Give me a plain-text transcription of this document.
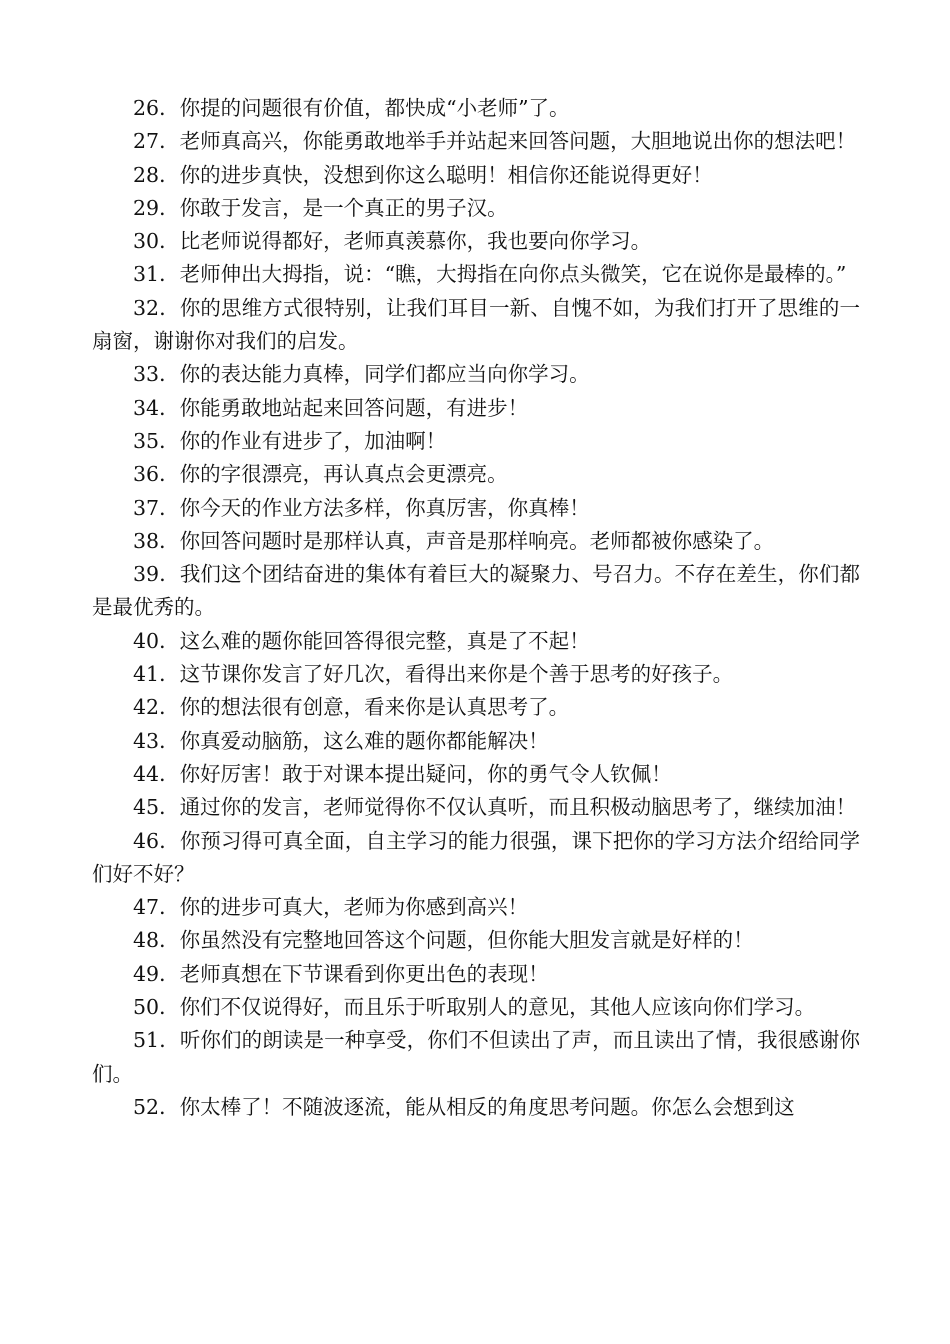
26．你提的问题很有价值，都快成“小老师”了。

27．老师真高兴，你能勇敢地举手并站起来回答问题，大胆地说出你的想法吧！

28．你的进步真快，没想到你这么聪明！相信你还能说得更好！

29．你敢于发言，是一个真正的男子汉。

30．比老师说得都好，老师真羡慕你，我也要向你学习。

31．老师伸出大拇指，说：“瞧，大拇指在向你点头微笑，它在说你是最棒的。”

32．你的思维方式很特别，让我们耳目一新、自愧不如，为我们打开了思维的一扇窗，谢谢你对我们的启发。

33．你的表达能力真棒，同学们都应当向你学习。

34．你能勇敢地站起来回答问题，有进步！

35．你的作业有进步了，加油啊！

36．你的字很漂亮，再认真点会更漂亮。

37．你今天的作业方法多样，你真厉害，你真棒！

38．你回答问题时是那样认真，声音是那样响亮。老师都被你感染了。

39．我们这个团结奋进的集体有着巨大的凝聚力、号召力。不存在差生，你们都是最优秀的。

40．这么难的题你能回答得很完整，真是了不起！

41．这节课你发言了好几次，看得出来你是个善于思考的好孩子。

42．你的想法很有创意，看来你是认真思考了。

43．你真爱动脑筋，这么难的题你都能解决！

44．你好厉害！敢于对课本提出疑问，你的勇气令人钦佩！

45．通过你的发言，老师觉得你不仅认真听，而且积极动脑思考了，继续加油！

46．你预习得可真全面，自主学习的能力很强，课下把你的学习方法介绍给同学们好不好？

47．你的进步可真大，老师为你感到高兴！

48．你虽然没有完整地回答这个问题，但你能大胆发言就是好样的！

49．老师真想在下节课看到你更出色的表现！

50．你们不仅说得好，而且乐于听取别人的意见，其他人应该向你们学习。

51．听你们的朗读是一种享受，你们不但读出了声，而且读出了情，我很感谢你们。

52．你太棒了！不随波逐流，能从相反的角度思考问题。你怎么会想到这
